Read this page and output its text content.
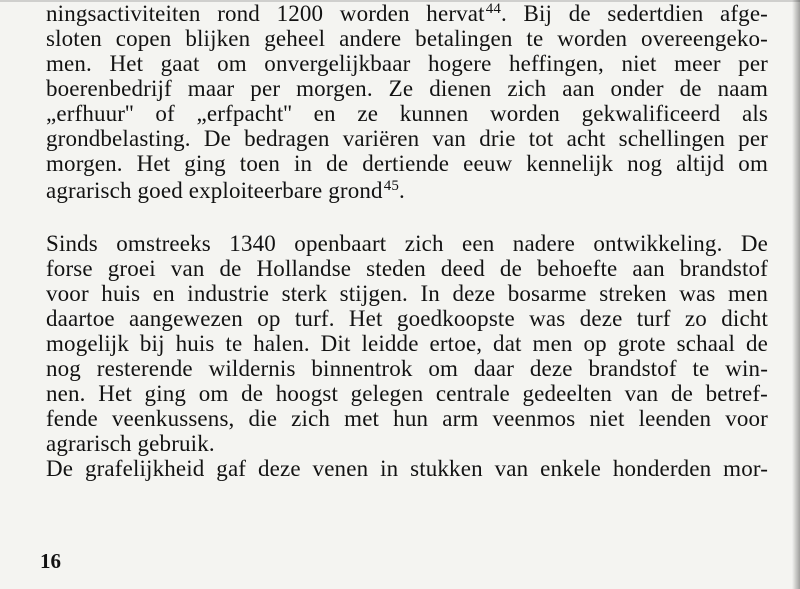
ningsactiviteiten rond 1200 worden hervat$^{44}$. Bij de sedertdien afge-
sloten copen blijken geheel andere betalingen te worden overeengeko-
men. Het gaat om onvergelijkbaar hogere heffingen, niet meer per
boerenbedrijf maar per morgen. Ze dienen zich aan onder de naam
„erfhuur'' of „erfpacht'' en ze kunnen worden gekwalificeerd als
grondbelasting. De bedragen variëren van drie tot acht schellingen per
morgen. Het ging toen in de dertiende eeuw kennelijk nog altijd om
agrarisch goed exploiteerbare grond$^{45}$.
Sinds omstreeks 1340 openbaart zich een nadere ontwikkeling. De
forse groei van de Hollandse steden deed de behoefte aan brandstof
voor huis en industrie sterk stijgen. In deze bosarme streken was men
daartoe aangewezen op turf. Het goedkoopste was deze turf zo dicht
mogelijk bij huis te halen. Dit leidde ertoe, dat men op grote schaal de
nog resterende wildernis binnentrok om daar deze brandstof te win-
nen. Het ging om de hoogst gelegen centrale gedeelten van de betref-
fende veenkussens, die zich met hun arm veenmos niet leenden voor
agrarisch gebruik.
De grafelijkheid gaf deze venen in stukken van enkele honderden mor-
16
